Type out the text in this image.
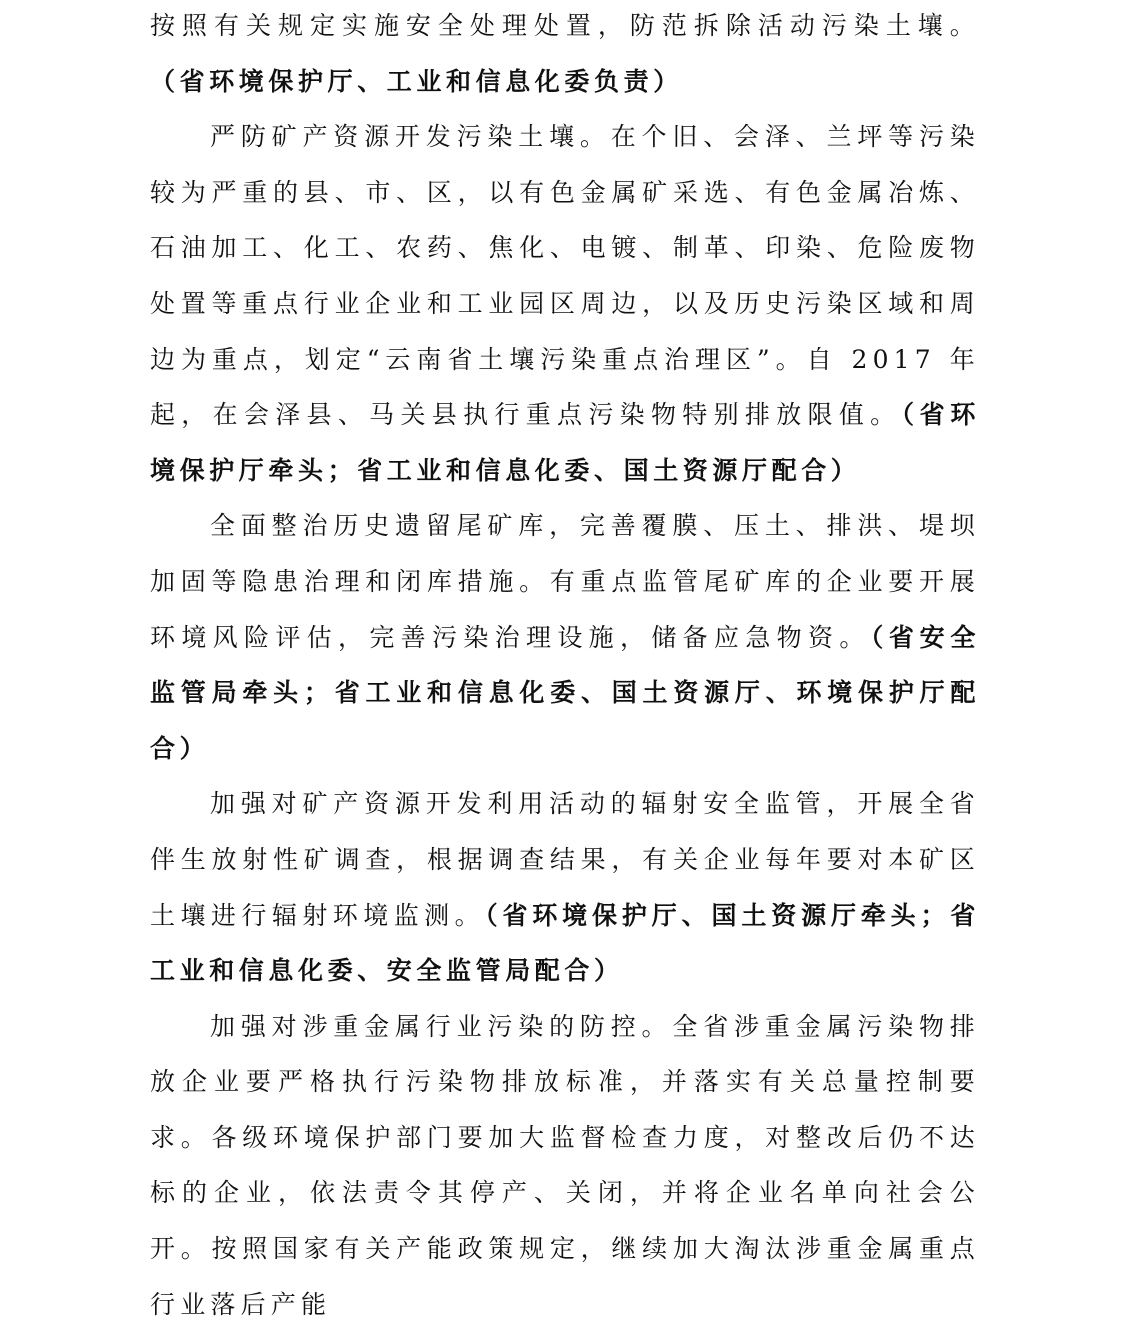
按照有关规定实施安全处理处置，防范拆除活动污染土壤。（省环境保护厅、工业和信息化委负责）

严防矿产资源开发污染土壤。在个旧、会泽、兰坪等污染较为严重的县、市、区，以有色金属矿采选、有色金属冶炼、石油加工、化工、农药、焦化、电镀、制革、印染、危险废物处置等重点行业企业和工业园区周边，以及历史污染区域和周边为重点，划定“云南省土壤污染重点治理区”。自 2017 年起，在会泽县、马关县执行重点污染物特别排放限值。（省环境保护厅牵头；省工业和信息化委、国土资源厅配合）

全面整治历史遗留尾矿库，完善覆膜、压土、排洪、堤坝加固等隐患治理和闭库措施。有重点监管尾矿库的企业要开展环境风险评估，完善污染治理设施，储备应急物资。（省安全监管局牵头；省工业和信息化委、国土资源厅、环境保护厅配合）

加强对矿产资源开发利用活动的辐射安全监管，开展全省伴生放射性矿调查，根据调查结果，有关企业每年要对本矿区土壤进行辐射环境监测。（省环境保护厅、国土资源厅牵头；省工业和信息化委、安全监管局配合）

加强对涉重金属行业污染的防控。全省涉重金属污染物排放企业要严格执行污染物排放标准，并落实有关总量控制要求。各级环境保护部门要加大监督检查力度，对整改后仍不达标的企业，依法责令其停产、关闭，并将企业名单向社会公开。按照国家有关产能政策规定，继续加大淘汰涉重金属重点行业落后产能
